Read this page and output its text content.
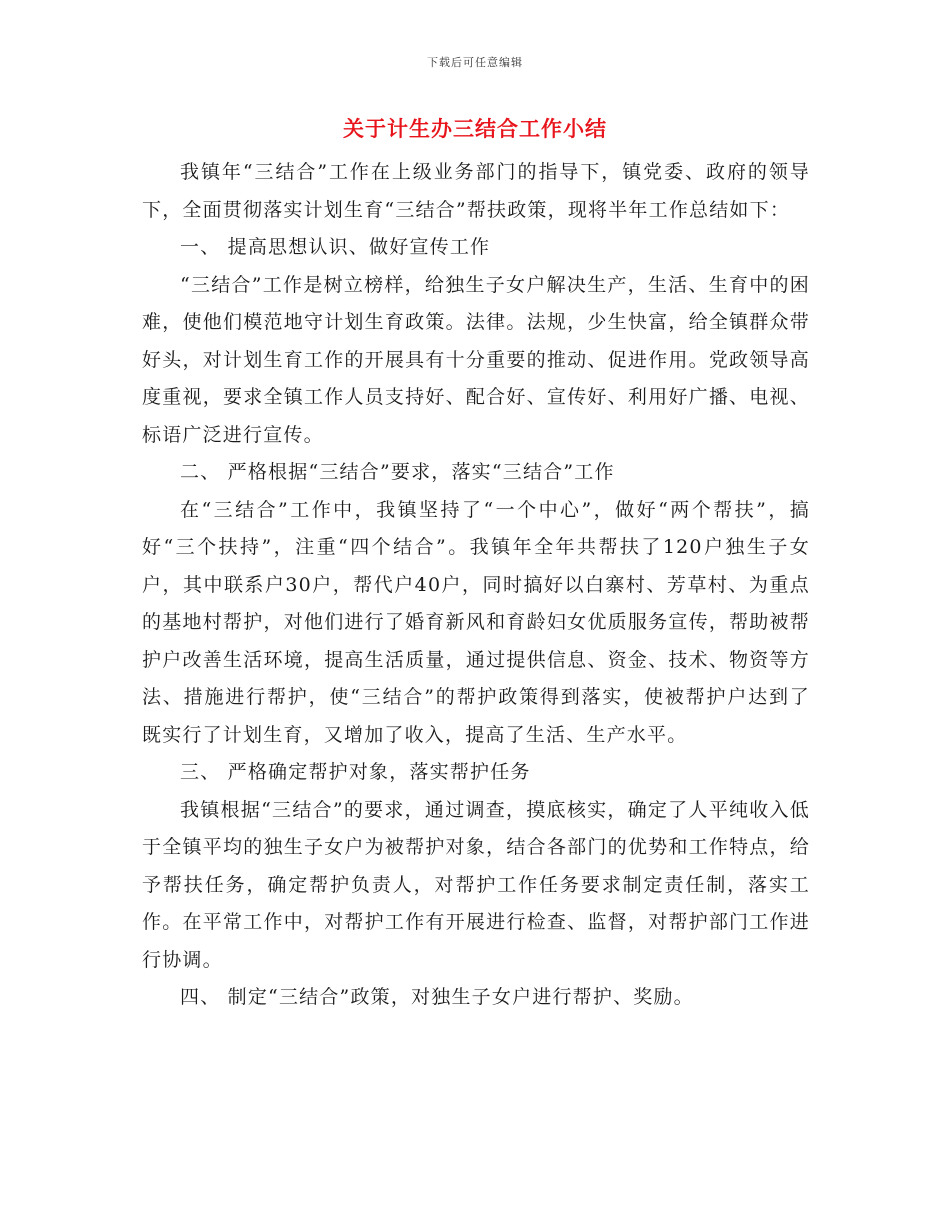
下载后可任意编辑
关于计生办三结合工作小结

我镇年“三结合”工作在上级业务部门的指导下，镇党委、政府的领导下，全面贯彻落实计划生育“三结合”帮扶政策，现将半年工作总结如下：

一、 提高思想认识、做好宣传工作

“三结合”工作是树立榜样，给独生子女户解决生产，生活、生育中的困难，使他们模范地守计划生育政策。法律。法规，少生快富，给全镇群众带好头，对计划生育工作的开展具有十分重要的推动、促进作用。党政领导高度重视，要求全镇工作人员支持好、配合好、宣传好、利用好广播、电视、标语广泛进行宣传。

二、 严格根据“三结合”要求，落实“三结合”工作

在“三结合”工作中，我镇坚持了“一个中心”，做好“两个帮扶”，搞好“三个扶持”，注重“四个结合”。我镇年全年共帮扶了120户独生子女户，其中联系户30户，帮代户40户，同时搞好以白寨村、芳草村、为重点的基地村帮护，对他们进行了婚育新风和育龄妇女优质服务宣传，帮助被帮护户改善生活环境，提高生活质量，通过提供信息、资金、技术、物资等方法、措施进行帮护，使“三结合”的帮护政策得到落实，使被帮护户达到了既实行了计划生育，又增加了收入，提高了生活、生产水平。

三、 严格确定帮护对象，落实帮护任务

我镇根据“三结合”的要求，通过调查，摸底核实，确定了人平纯收入低于全镇平均的独生子女户为被帮护对象，结合各部门的优势和工作特点，给予帮扶任务，确定帮护负责人，对帮护工作任务要求制定责任制，落实工作。在平常工作中，对帮护工作有开展进行检查、监督，对帮护部门工作进行协调。

四、 制定“三结合”政策，对独生子女户进行帮护、奖励。
